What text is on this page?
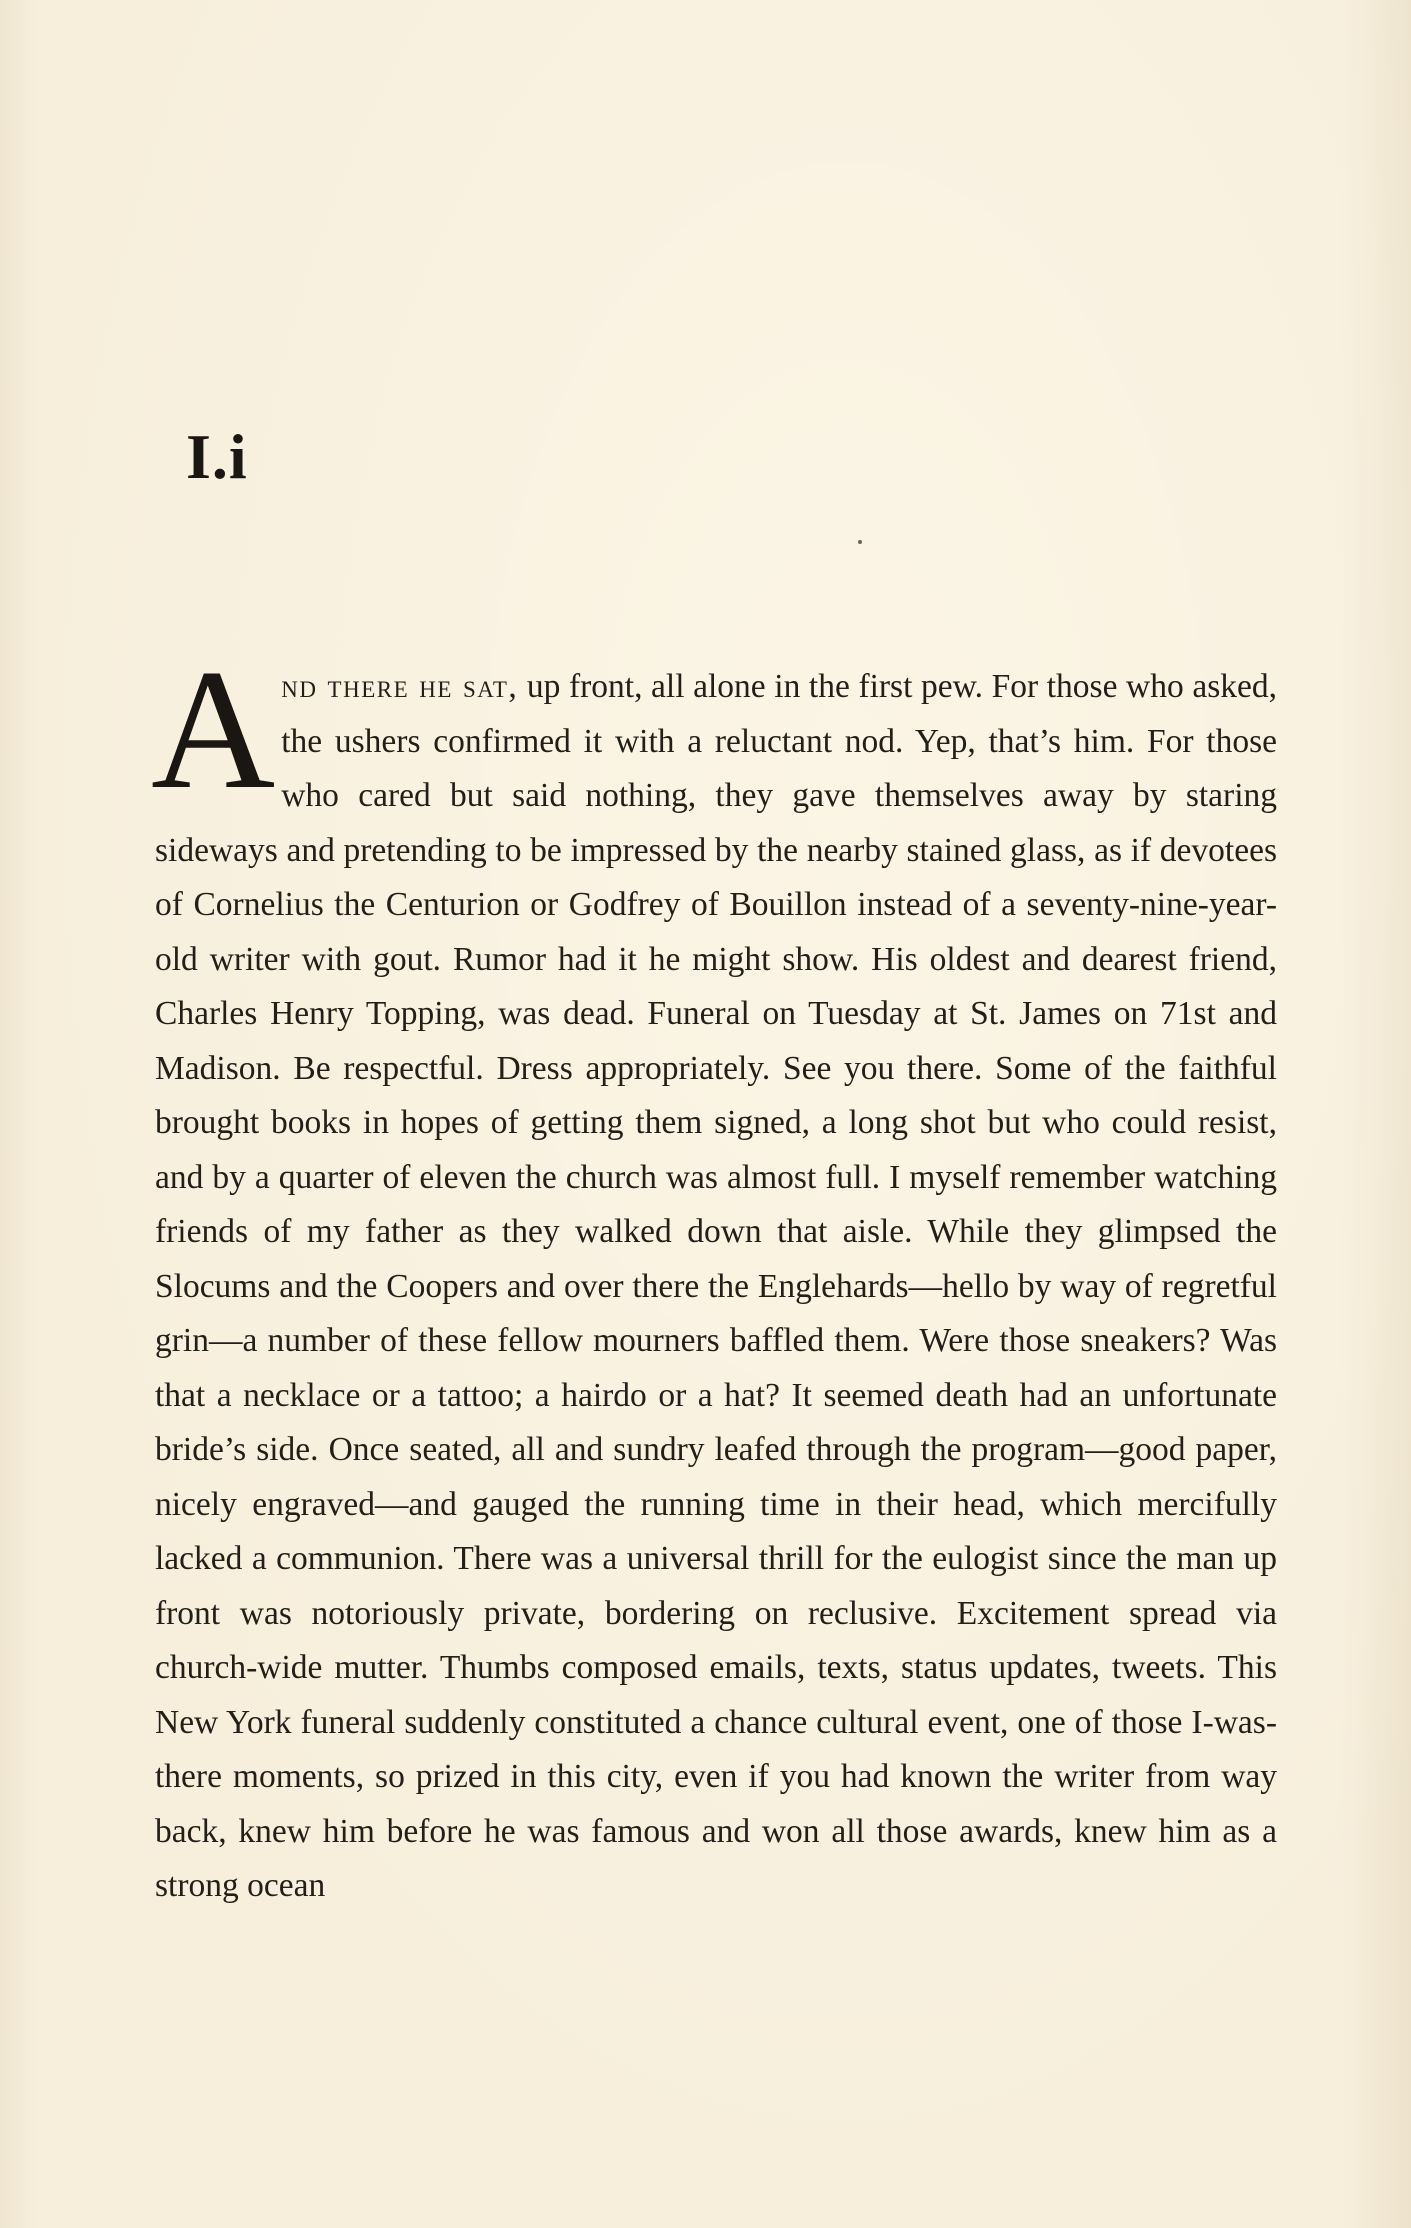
I.i

And there he sat, up front, all alone in the first pew. For those who asked, the ushers confirmed it with a reluctant nod. Yep, that’s him. For those who cared but said nothing, they gave themselves away by staring sideways and pretending to be impressed by the nearby stained glass, as if devotees of Cornelius the Centurion or Godfrey of Bouillon instead of a seventy-nine-year-old writer with gout. Rumor had it he might show. His oldest and dearest friend, Charles Henry Topping, was dead. Funeral on Tuesday at St. James on 71st and Madison. Be respectful. Dress appropriately. See you there. Some of the faithful brought books in hopes of getting them signed, a long shot but who could resist, and by a quarter of eleven the church was almost full. I myself remember watching friends of my father as they walked down that aisle. While they glimpsed the Slocums and the Coopers and over there the Englehards—hello by way of regretful grin—a number of these fellow mourners baffled them. Were those sneakers? Was that a necklace or a tattoo; a hairdo or a hat? It seemed death had an unfortunate bride’s side. Once seated, all and sundry leafed through the program—good paper, nicely engraved—and gauged the running time in their head, which mercifully lacked a communion. There was a universal thrill for the eulogist since the man up front was notoriously private, bordering on reclusive. Excitement spread via church-wide mutter. Thumbs composed emails, texts, status updates, tweets. This New York funeral suddenly constituted a chance cultural event, one of those I-was-there moments, so prized in this city, even if you had known the writer from way back, knew him before he was famous and won all those awards, knew him as a strong ocean
